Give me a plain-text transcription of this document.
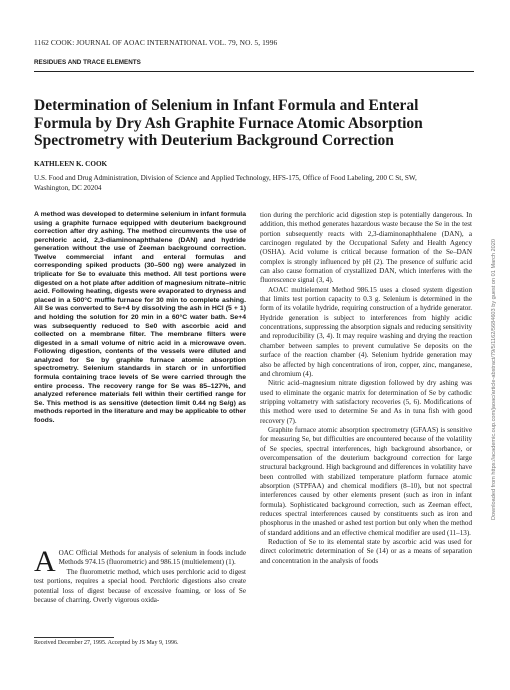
1162 COOK: JOURNAL OF AOAC INTERNATIONAL VOL. 79, NO. 5, 1996
RESIDUES AND TRACE ELEMENTS
Determination of Selenium in Infant Formula and Enteral Formula by Dry Ash Graphite Furnace Atomic Absorption Spectrometry with Deuterium Background Correction
KATHLEEN K. COOK
U.S. Food and Drug Administration, Division of Science and Applied Technology, HFS-175, Office of Food Labeling, 200 C St, SW, Washington, DC 20204
Downloaded from https://academic.oup.com/jaoac/article-abstract/79/5/1162/5684603 by guest on 01 March 2020
A method was developed to determine selenium in infant formula using a graphite furnace equipped with deuterium background correction after dry ashing. The method circumvents the use of perchloric acid, 2,3-diaminonaphthalene (DAN) and hydride generation without the use of Zeeman background correction. Twelve commercial infant and enteral formulas and corresponding spiked products (30–500 ng) were analyzed in triplicate for Se to evaluate this method. All test portions were digested on a hot plate after addition of magnesium nitrate–nitric acid. Following heating, digests were evaporated to dryness and placed in a 500°C muffle furnace for 30 min to complete ashing. All Se was converted to Se+4 by dissolving the ash in HCl (5 + 1) and holding the solution for 20 min in a 60°C water bath. Se+4 was subsequently reduced to Se0 with ascorbic acid and collected on a membrane filter. The membrane filters were digested in a small volume of nitric acid in a microwave oven. Following digestion, contents of the vessels were diluted and analyzed for Se by graphite furnace atomic absorption spectrometry. Selenium standards in starch or in unfortified formula containing trace levels of Se were carried through the entire process. The recovery range for Se was 85–127%, and analyzed reference materials fell within their certified range for Se. This method is as sensitive (detection limit 0.44 ng Se/g) as methods reported in the literature and may be applicable to other foods.
A OAC Official Methods for analysis of selenium in foods include Methods 974.15 (fluorometric) and 986.15 (multielement) (1).

The fluorometric method, which uses perchloric acid to digest test portions, requires a special hood. Perchloric digestions also create potential loss of digest because of excessive foaming, or loss of Se because of charring. Overly vigorous oxida-

Received December 27, 1995. Accepted by JS May 9, 1996.

tion during the perchloric acid digestion step is potentially dangerous. In addition, this method generates hazardous waste because the Se in the test portion subsequently reacts with 2,3-diaminonaphthalene (DAN), a carcinogen regulated by the Occupational Safety and Health Agency (OSHA). Acid volume is critical because formation of the Se–DAN complex is strongly influenced by pH (2). The presence of sulfuric acid can also cause formation of crystallized DAN, which interferes with the fluorescence signal (3, 4).

AOAC multielement Method 986.15 uses a closed system digestion that limits test portion capacity to 0.3 g. Selenium is determined in the form of its volatile hydride, requiring construction of a hydride generator. Hydride generation is subject to interferences from highly acidic concentrations, suppressing the absorption signals and reducing sensitivity and reproducibility (3, 4). It may require washing and drying the reaction chamber between samples to prevent cumulative Se deposits on the surface of the reaction chamber (4). Selenium hydride generation may also be affected by high concentrations of iron, copper, zinc, manganese, and chromium (4).

Nitric acid–magnesium nitrate digestion followed by dry ashing was used to eliminate the organic matrix for determination of Se by cathodic stripping voltametry with satisfactory recoveries (5, 6). Modifications of this method were used to determine Se and As in tuna fish with good recovery (7).

Graphite furnace atomic absorption spectrometry (GFAAS) is sensitive for measuring Se, but difficulties are encountered because of the volatility of Se species, spectral interferences, high background absorbance, or overcompensation of the deuterium background correction for large structural background. High background and differences in volatility have been controlled with stabilized temperature platform furnace atomic absorption (STPFAA) and chemical modifiers (8–10), but not spectral interferences caused by other elements present (such as iron in infant formula). Sophisticated background correction, such as Zeeman effect, reduces spectral interferences caused by constituents such as iron and phosphorus in the unashed or ashed test portion but only when the method of standard additions and an effective chemical modifier are used (11–13).

Reduction of Se to its elemental state by ascorbic acid was used for direct colorimetric determination of Se (14) or as a means of separation and concentration in the analysis of foods
